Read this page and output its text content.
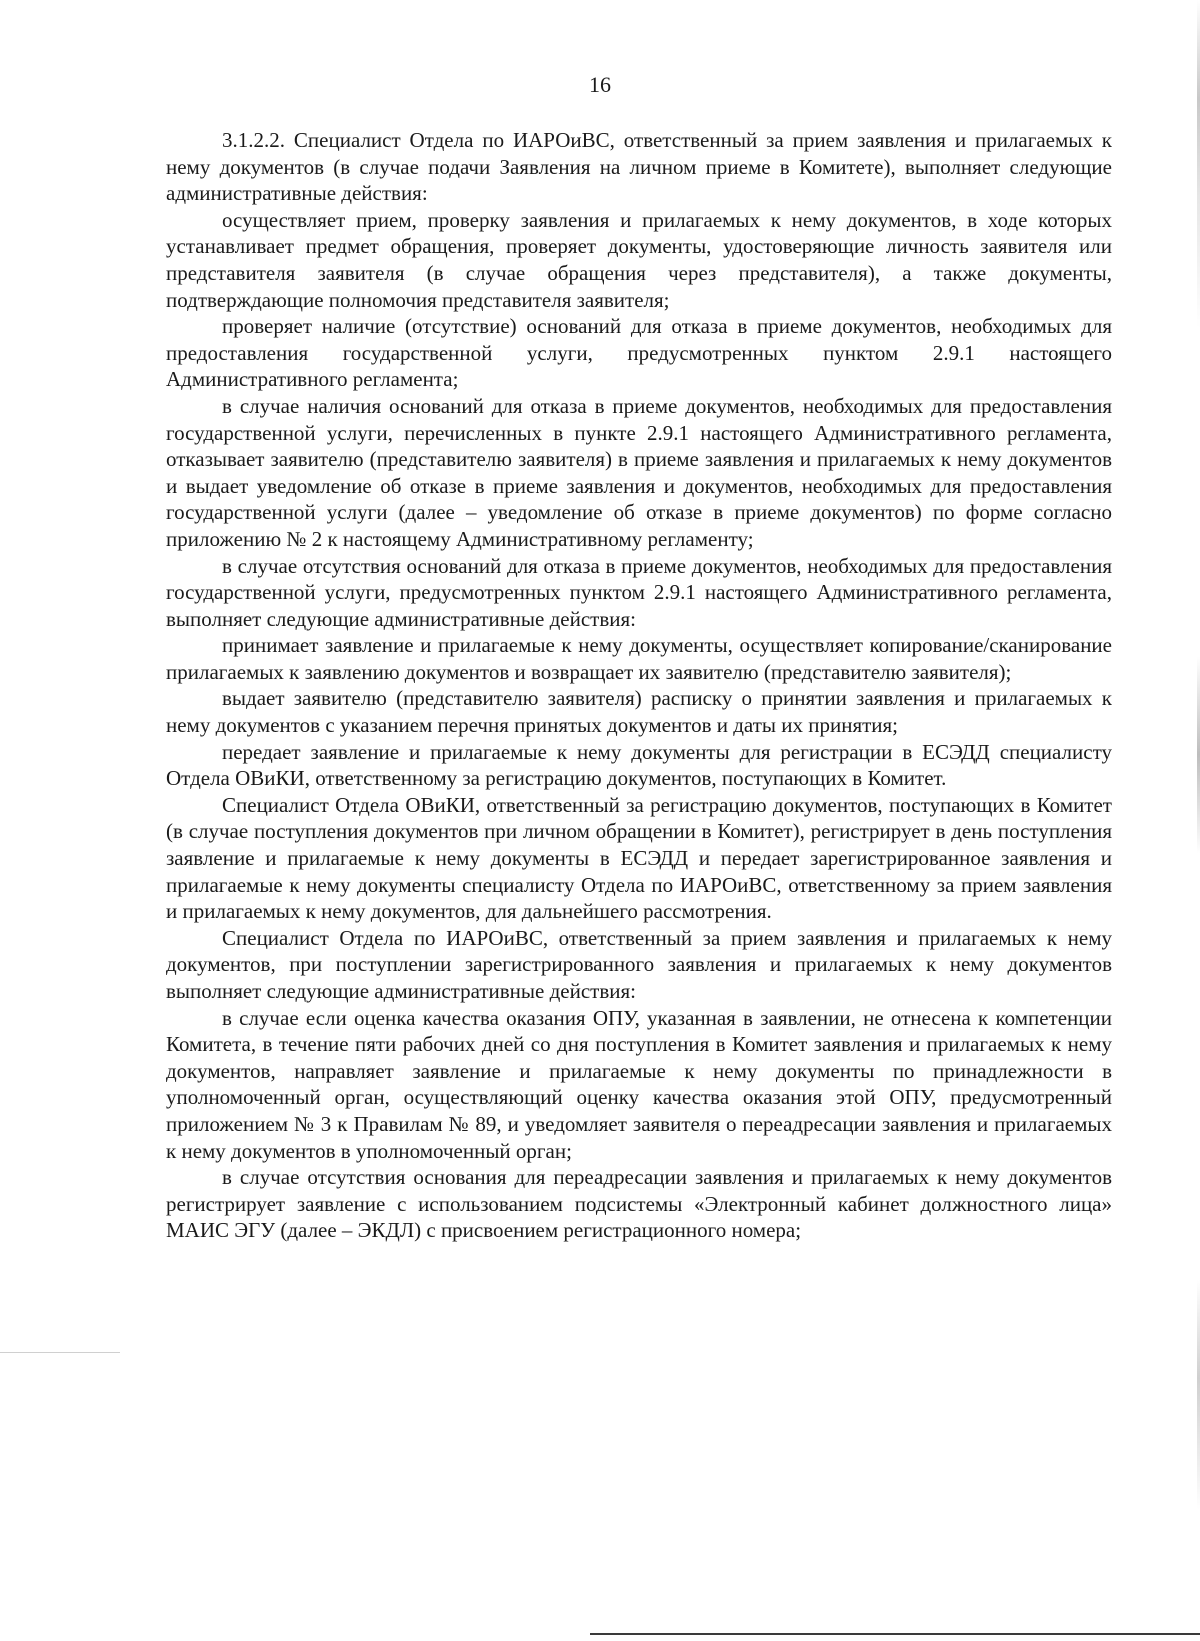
16

3.1.2.2. Специалист Отдела по ИАРОиВС, ответственный за прием заявления и прилагаемых к нему документов (в случае подачи Заявления на личном приеме в Комитете), выполняет следующие административные действия:

осуществляет прием, проверку заявления и прилагаемых к нему документов, в ходе которых устанавливает предмет обращения, проверяет документы, удостоверяющие личность заявителя или представителя заявителя (в случае обращения через представителя), а также документы, подтверждающие полномочия представителя заявителя;

проверяет наличие (отсутствие) оснований для отказа в приеме документов, необходимых для предоставления государственной услуги, предусмотренных пунктом 2.9.1 настоящего Административного регламента;

в случае наличия оснований для отказа в приеме документов, необходимых для предоставления государственной услуги, перечисленных в пункте 2.9.1 настоящего Административного регламента, отказывает заявителю (представителю заявителя) в приеме заявления и прилагаемых к нему документов и выдает уведомление об отказе в приеме заявления и документов, необходимых для предоставления государственной услуги (далее – уведомление об отказе в приеме документов) по форме согласно приложению № 2 к настоящему Административному регламенту;

в случае отсутствия оснований для отказа в приеме документов, необходимых для предоставления государственной услуги, предусмотренных пунктом 2.9.1 настоящего Административного регламента, выполняет следующие административные действия:

принимает заявление и прилагаемые к нему документы, осуществляет копирование/сканирование прилагаемых к заявлению документов и возвращает их заявителю (представителю заявителя);

выдает заявителю (представителю заявителя) расписку о принятии заявления и прилагаемых к нему документов с указанием перечня принятых документов и даты их принятия;

передает заявление и прилагаемые к нему документы для регистрации в ЕСЭДД специалисту Отдела ОВиКИ, ответственному за регистрацию документов, поступающих в Комитет.

Специалист Отдела ОВиКИ, ответственный за регистрацию документов, поступающих в Комитет (в случае поступления документов при личном обращении в Комитет), регистрирует в день поступления заявление и прилагаемые к нему документы в ЕСЭДД и передает зарегистрированное заявления и прилагаемые к нему документы специалисту Отдела по ИАРОиВС, ответственному за прием заявления и прилагаемых к нему документов, для дальнейшего рассмотрения.

Специалист Отдела по ИАРОиВС, ответственный за прием заявления и прилагаемых к нему документов, при поступлении зарегистрированного заявления и прилагаемых к нему документов выполняет следующие административные действия:

в случае если оценка качества оказания ОПУ, указанная в заявлении, не отнесена к компетенции Комитета, в течение пяти рабочих дней со дня поступления в Комитет заявления и прилагаемых к нему документов, направляет заявление и прилагаемые к нему документы по принадлежности в уполномоченный орган, осуществляющий оценку качества оказания этой ОПУ, предусмотренный приложением № 3 к Правилам № 89, и уведомляет заявителя о переадресации заявления и прилагаемых к нему документов в уполномоченный орган;

в случае отсутствия основания для переадресации заявления и прилагаемых к нему документов регистрирует заявление с использованием подсистемы «Электронный кабинет должностного лица» МАИС ЭГУ (далее – ЭКДЛ) с присвоением регистрационного номера;
